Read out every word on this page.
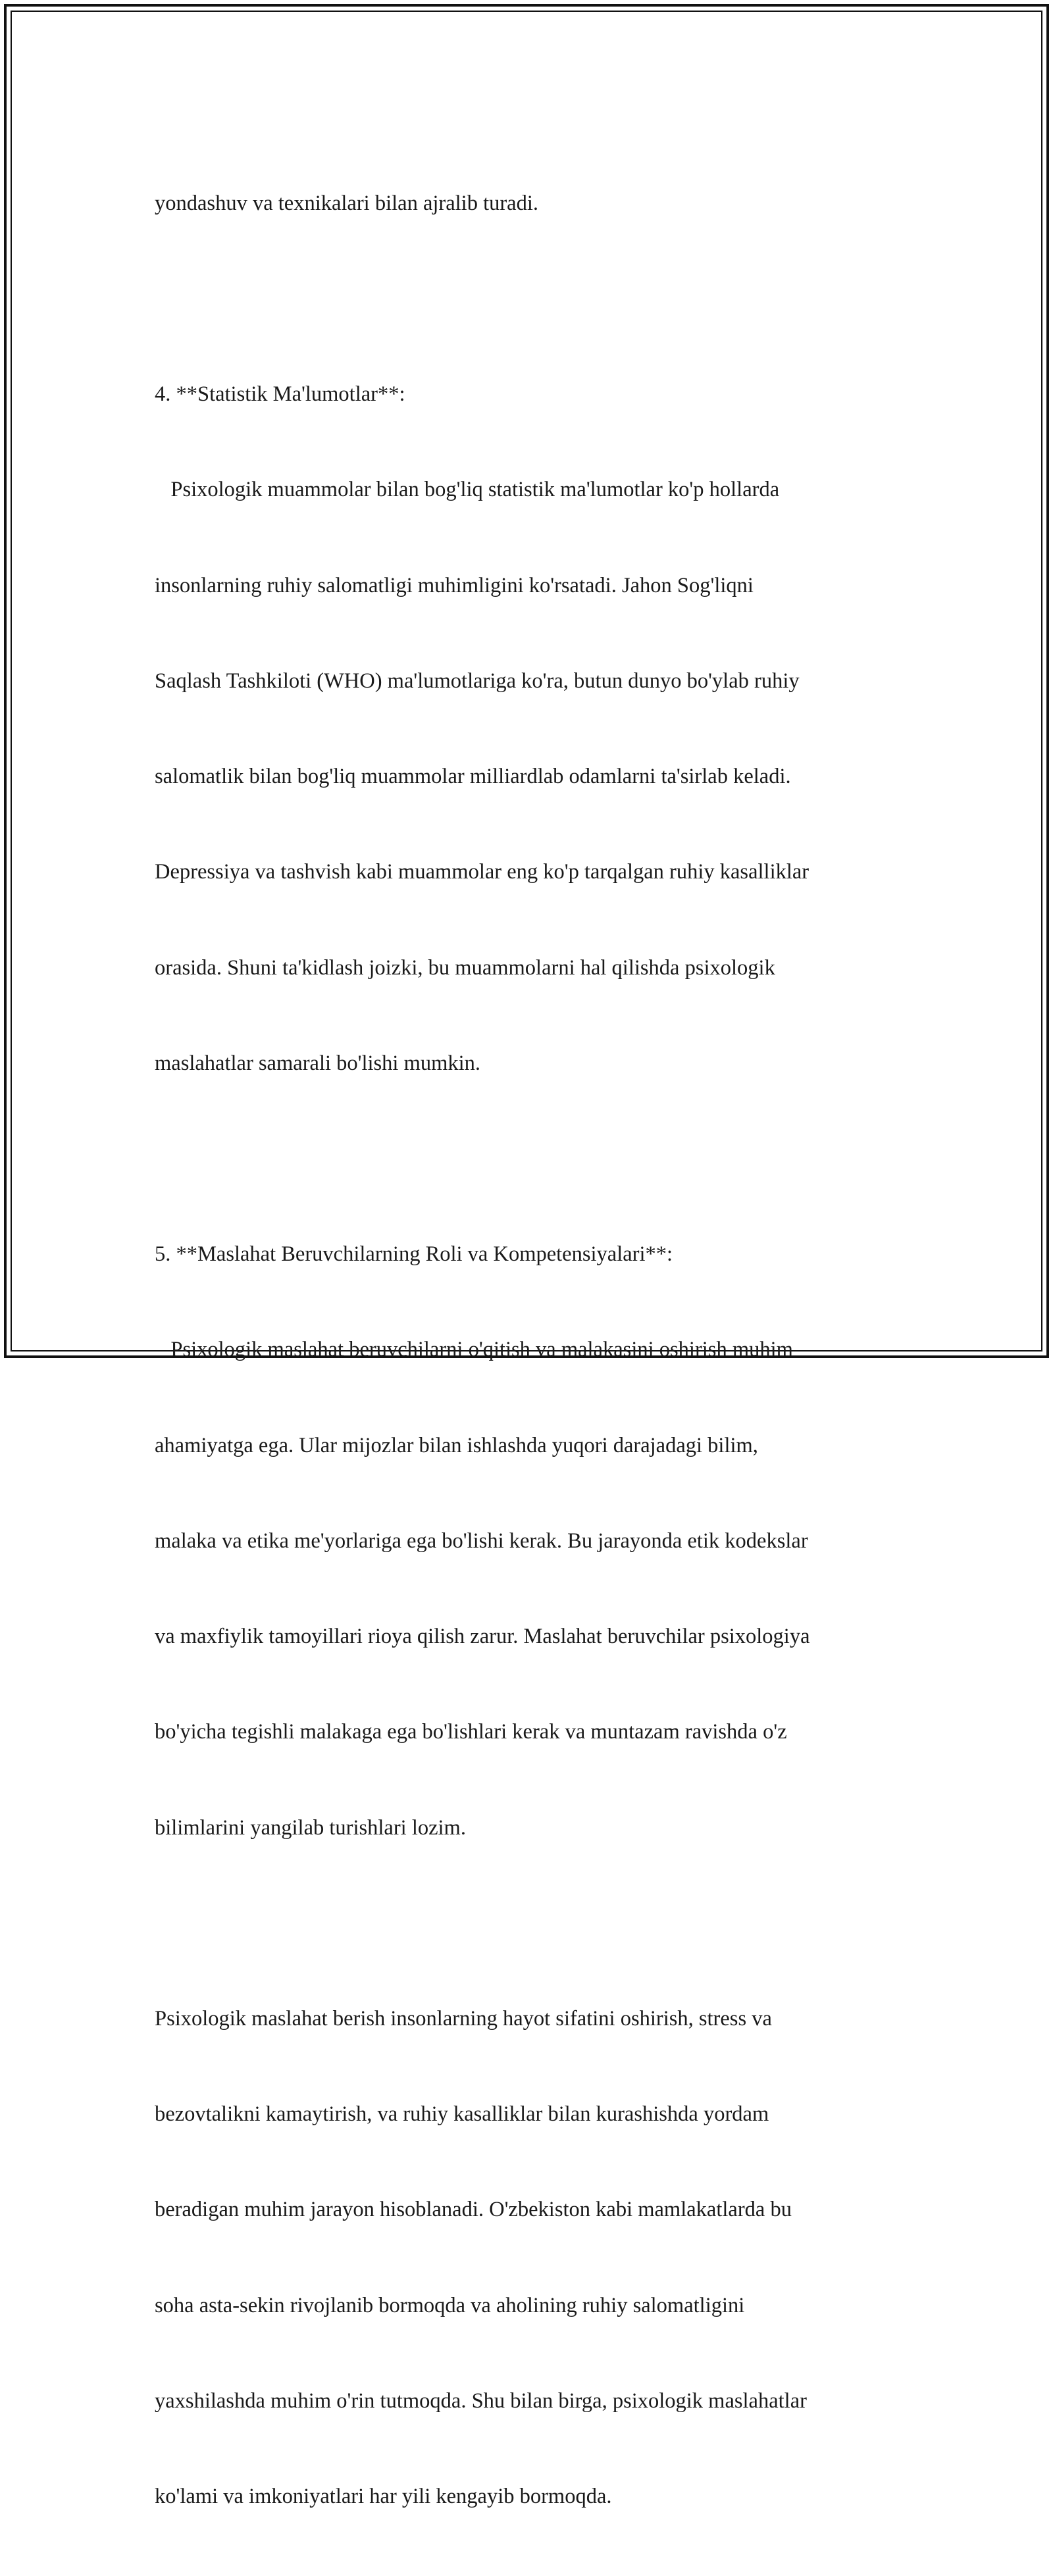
yondashuv va texnikalari bilan ajralib turadi.

4. **Statistik Ma'lumotlar**:

Psixologik muammolar bilan bog'liq statistik ma'lumotlar ko'p hollarda

insonlarning ruhiy salomatligi muhimligini ko'rsatadi. Jahon Sog'liqni

Saqlash Tashkiloti (WHO) ma'lumotlariga ko'ra, butun dunyo bo'ylab ruhiy

salomatlik bilan bog'liq muammolar milliardlab odamlarni ta'sirlab keladi.

Depressiya va tashvish kabi muammolar eng ko'p tarqalgan ruhiy kasalliklar

orasida. Shuni ta'kidlash joizki, bu muammolarni hal qilishda psixologik

maslahatlar samarali bo'lishi mumkin.

5. **Maslahat Beruvchilarning Roli va Kompetensiyalari**:

Psixologik maslahat beruvchilarni o'qitish va malakasini oshirish muhim

ahamiyatga ega. Ular mijozlar bilan ishlashda yuqori darajadagi bilim,

malaka va etika me'yorlariga ega bo'lishi kerak. Bu jarayonda etik kodekslar

va maxfiylik tamoyillari rioya qilish zarur. Maslahat beruvchilar psixologiya

bo'yicha tegishli malakaga ega bo'lishlari kerak va muntazam ravishda o'z

bilimlarini yangilab turishlari lozim.

Psixologik maslahat berish insonlarning hayot sifatini oshirish, stress va

bezovtalikni kamaytirish, va ruhiy kasalliklar bilan kurashishda yordam

beradigan muhim jarayon hisoblanadi. O'zbekiston kabi mamlakatlarda bu

soha asta-sekin rivojlanib bormoqda va aholining ruhiy salomatligini

yaxshilashda muhim o'rin tutmoqda. Shu bilan birga, psixologik maslahatlar

ko'lami va imkoniyatlari har yili kengayib bormoqda.
